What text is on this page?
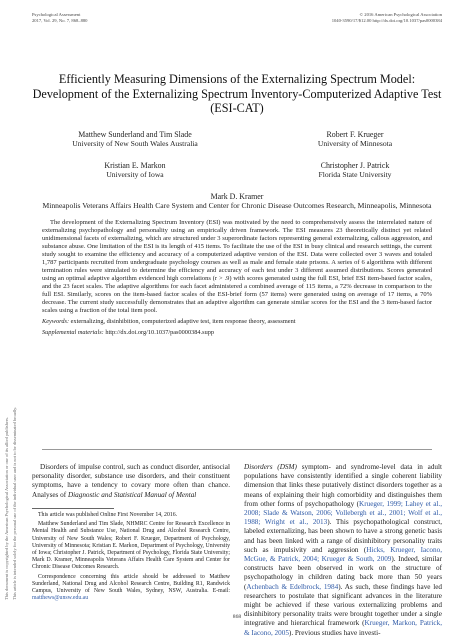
Psychological Assessment
2017, Vol. 29, No. 7, 868–880
© 2016 American Psychological Association
1040-3590/17/$12.00 http://dx.doi.org/10.1037/pas0000384
This document is copyrighted by the American Psychological Association or one of its allied publishers. This article is intended solely for the personal use of the individual user and is not to be disseminated broadly.
Efficiently Measuring Dimensions of the Externalizing Spectrum Model: Development of the Externalizing Spectrum Inventory-Computerized Adaptive Test (ESI-CAT)
Matthew Sunderland and Tim Slade
University of New South Wales Australia
Robert F. Krueger
University of Minnesota
Kristian E. Markon
University of Iowa
Christopher J. Patrick
Florida State University
Mark D. Kramer
Minneapolis Veterans Affairs Health Care System and Center for Chronic Disease Outcomes Research, Minneapolis, Minnesota

The development of the Externalizing Spectrum Inventory (ESI) was motivated by the need to comprehensively assess the interrelated nature of externalizing psychopathology and personality using an empirically driven framework. The ESI measures 23 theoretically distinct yet related unidimensional facets of externalizing, which are structured under 3 superordinate factors representing general externalizing, callous aggression, and substance abuse. One limitation of the ESI is its length of 415 items. To facilitate the use of the ESI in busy clinical and research settings, the current study sought to examine the efficiency and accuracy of a computerized adaptive version of the ESI. Data were collected over 3 waves and totaled 1,787 participants recruited from undergraduate psychology courses as well as male and female state prisons. A series of 6 algorithms with different termination rules were simulated to determine the efficiency and accuracy of each test under 3 different assumed distributions. Scores generated using an optimal adaptive algorithm evidenced high correlations (r > .9) with scores generated using the full ESI, brief ESI item-based factor scales, and the 23 facet scales. The adaptive algorithms for each facet administered a combined average of 115 items, a 72% decrease in comparison to the full ESI. Similarly, scores on the item-based factor scales of the ESI-brief form (57 items) were generated using on average of 17 items, a 70% decrease. The current study successfully demonstrates that an adaptive algorithm can generate similar scores for the ESI and the 3 item-based factor scales using a fraction of the total item pool.

Keywords: externalizing, disinhibition, computerized adaptive test, item response theory, assessment
Supplemental materials: http://dx.doi.org/10.1037/pas0000384.supp

Disorders of impulse control, such as conduct disorder, antisocial personality disorder, substance use disorders, and their constituent symptoms, have a tendency to covary more often than chance. Analyses of Diagnostic and Statistical Manual of Mental

This article was published Online First November 14, 2016.

Matthew Sunderland and Tim Slade, NHMRC Centre for Research Excellence in Mental Health and Substance Use, National Drug and Alcohol Research Centre, University of New South Wales; Robert F. Krueger, Department of Psychology, University of Minnesota; Kristian E. Markon, Department of Psychology, University of Iowa; Christopher J. Patrick, Department of Psychology, Florida State University; Mark D. Kramer, Minneapolis Veterans Affairs Health Care System and Center for Chronic Disease Outcomes Research.

Correspondence concerning this article should be addressed to Matthew Sunderland, National Drug and Alcohol Research Centre, Building R1, Randwick Campus, University of New South Wales, Sydney, NSW, Australia. E-mail: matthews@unsw.edu.au

Disorders (DSM) symptom- and syndrome-level data in adult populations have consistently identified a single coherent liability dimension that links these putatively distinct disorders together as a means of explaining their high comorbidity and distinguishes them from other forms of psychopathology (Krueger, 1999; Lahey et al., 2008; Slade & Watson, 2006; Vollebergh et al., 2001; Wolf et al., 1988; Wright et al., 2013). This psychopathological construct, labeled externalizing, has been shown to have a strong genetic basis and has been linked with a range of disinhibitory personality traits such as impulsivity and aggression (Hicks, Krueger, Iacono, McGue, & Patrick, 2004; Krueger & South, 2009). Indeed, similar constructs have been observed in work on the structure of psychopathology in children dating back more than 50 years (Achenbach & Edelbrock, 1984). As such, these findings have led researchers to postulate that significant advances in the literature might be achieved if these various externalizing problems and disinhibitory personality traits were brought together under a single integrative and hierarchical framework (Krueger, Markon, Patrick, & Iacono, 2005). Previous studies have investi-

868
